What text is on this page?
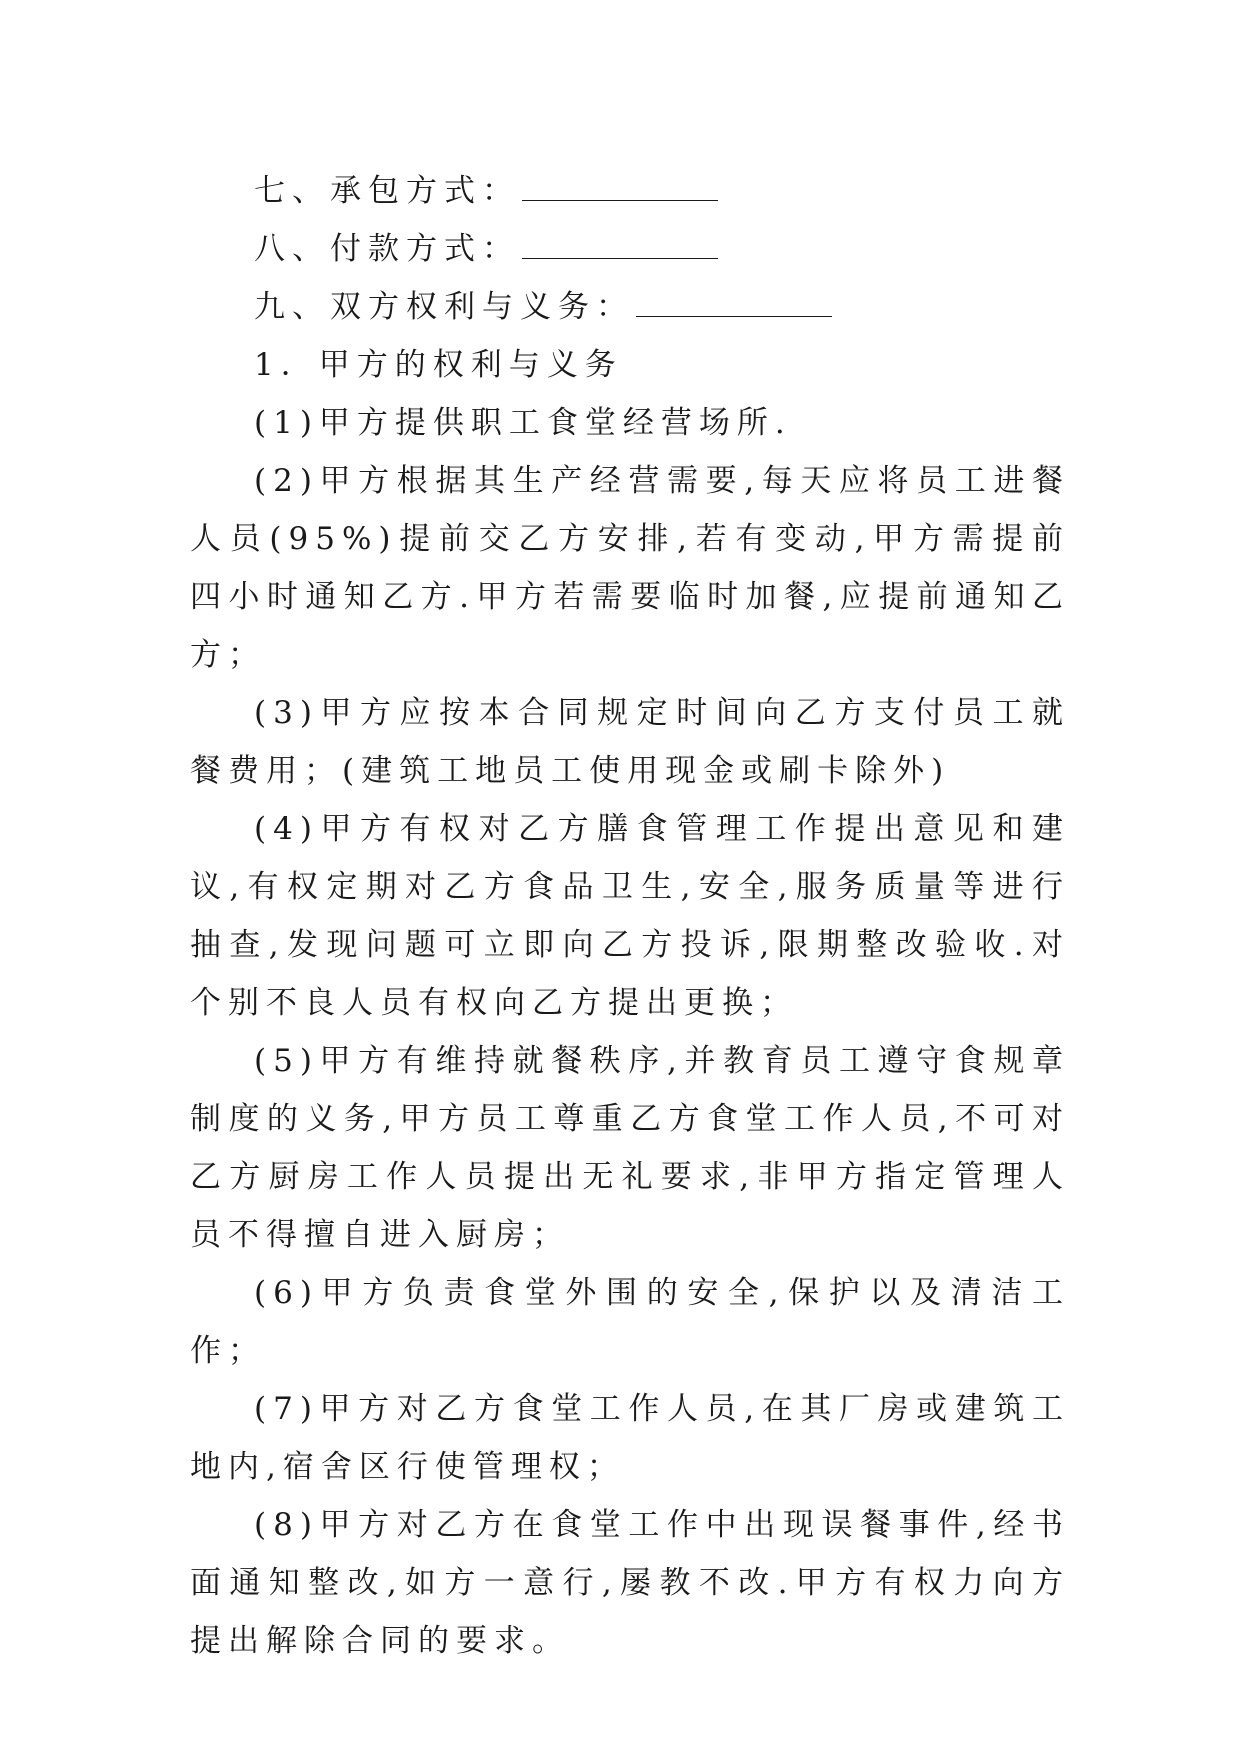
七、承包方式：

八、付款方式：

九、双方权利与义务：

1．甲方的权利与义务

(1)甲方提供职工食堂经营场所.

(2)甲方根据其生产经营需要,每天应将员工进餐人员(95%)提前交乙方安排,若有变动,甲方需提前四小时通知乙方.甲方若需要临时加餐,应提前通知乙方；

(3)甲方应按本合同规定时间向乙方支付员工就餐费用；(建筑工地员工使用现金或刷卡除外)

(4)甲方有权对乙方膳食管理工作提出意见和建议,有权定期对乙方食品卫生,安全,服务质量等进行抽查,发现问题可立即向乙方投诉,限期整改验收.对个别不良人员有权向乙方提出更换；

(5)甲方有维持就餐秩序,并教育员工遵守食规章制度的义务,甲方员工尊重乙方食堂工作人员,不可对乙方厨房工作人员提出无礼要求,非甲方指定管理人员不得擅自进入厨房；

(6)甲方负责食堂外围的安全,保护以及清洁工作；

(7)甲方对乙方食堂工作人员,在其厂房或建筑工地内,宿舍区行使管理权；

(8)甲方对乙方在食堂工作中出现误餐事件,经书面通知整改,如方一意行,屡教不改.甲方有权力向方提出解除合同的要求。
